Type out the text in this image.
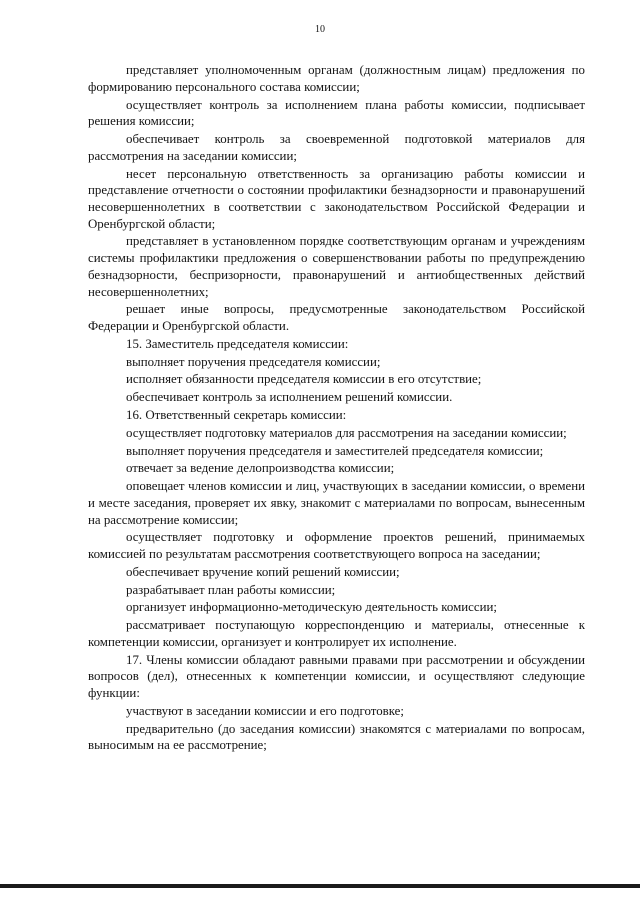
10

представляет уполномоченным органам (должностным лицам) предложения по формированию персонального состава комиссии;

осуществляет контроль за исполнением плана работы комиссии, подписывает решения комиссии;

обеспечивает контроль за своевременной подготовкой материалов для рассмотрения на заседании комиссии;

несет персональную ответственность за организацию работы комиссии и представление отчетности о состоянии профилактики безнадзорности и правонарушений несовершеннолетних в соответствии с законодательством Российской Федерации и Оренбургской области;

представляет в установленном порядке соответствующим органам и учреждениям системы профилактики предложения о совершенствовании работы по предупреждению безнадзорности, беспризорности, правонарушений и антиобщественных действий несовершеннолетних;

решает иные вопросы, предусмотренные законодательством Российской Федерации и Оренбургской области.

15. Заместитель председателя комиссии:

выполняет поручения председателя комиссии;

исполняет обязанности председателя комиссии в его отсутствие;

обеспечивает контроль за исполнением решений комиссии.

16. Ответственный секретарь комиссии:

осуществляет подготовку материалов для рассмотрения на заседании комиссии;

выполняет поручения председателя и заместителей председателя комиссии;

отвечает за ведение делопроизводства комиссии;

оповещает членов комиссии и лиц, участвующих в заседании комиссии, о времени и месте заседания, проверяет их явку, знакомит с материалами по вопросам, вынесенным на рассмотрение комиссии;

осуществляет подготовку и оформление проектов решений, принимаемых комиссией по результатам рассмотрения соответствующего вопроса на заседании;

обеспечивает вручение копий решений комиссии;

разрабатывает план работы комиссии;

организует информационно-методическую деятельность комиссии;

рассматривает поступающую корреспонденцию и материалы, отнесенные к компетенции комиссии, организует и контролирует их исполнение.

17. Члены комиссии обладают равными правами при рассмотрении и обсуждении вопросов (дел), отнесенных к компетенции комиссии, и осуществляют следующие функции:

участвуют в заседании комиссии и его подготовке;

предварительно (до заседания комиссии) знакомятся с материалами по вопросам, выносимым на ее рассмотрение;
